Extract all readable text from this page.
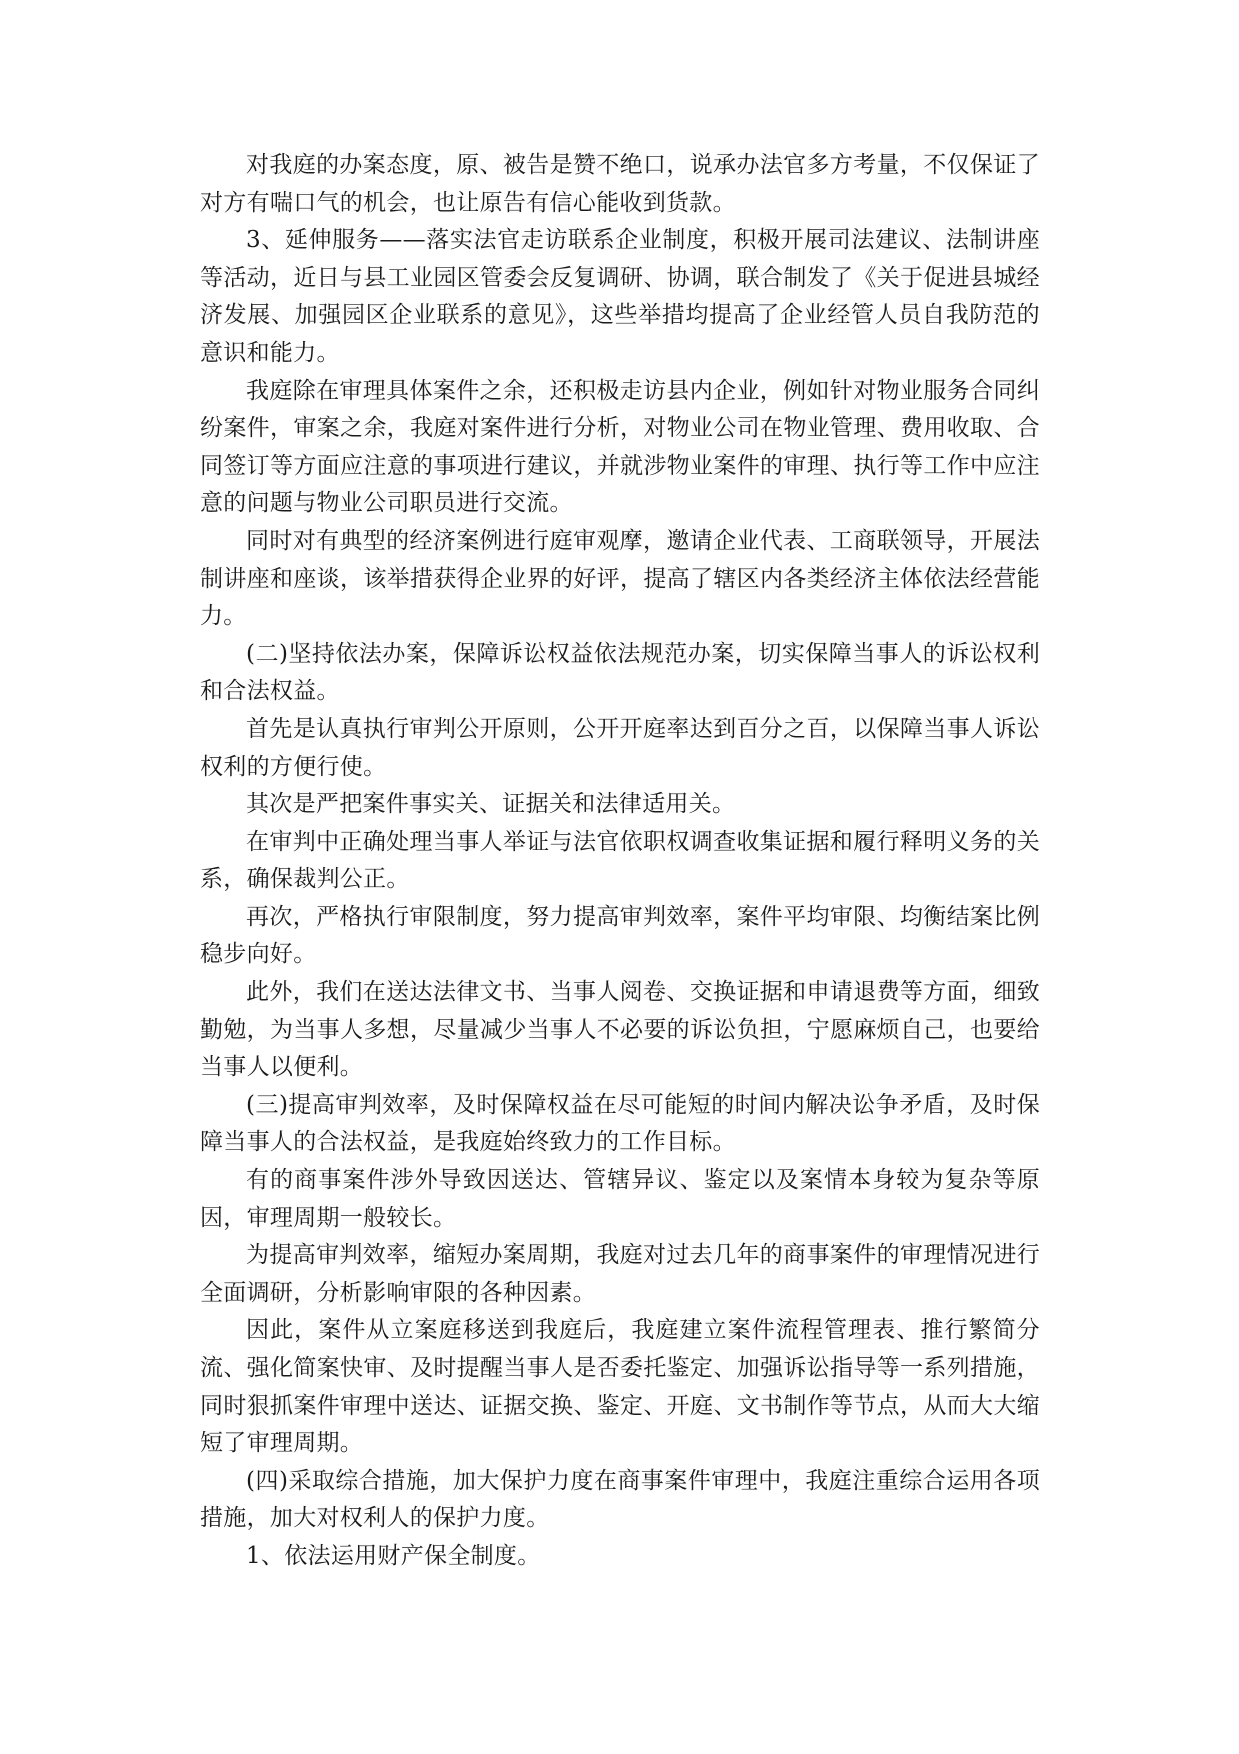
对我庭的办案态度，原、被告是赞不绝口，说承办法官多方考量，不仅保证了对方有喘口气的机会，也让原告有信心能收到货款。

3、延伸服务——落实法官走访联系企业制度，积极开展司法建议、法制讲座等活动，近日与县工业园区管委会反复调研、协调，联合制发了《关于促进县城经济发展、加强园区企业联系的意见》，这些举措均提高了企业经管人员自我防范的意识和能力。

我庭除在审理具体案件之余，还积极走访县内企业，例如针对物业服务合同纠纷案件，审案之余，我庭对案件进行分析，对物业公司在物业管理、费用收取、合同签订等方面应注意的事项进行建议，并就涉物业案件的审理、执行等工作中应注意的问题与物业公司职员进行交流。

同时对有典型的经济案例进行庭审观摩，邀请企业代表、工商联领导，开展法制讲座和座谈，该举措获得企业界的好评，提高了辖区内各类经济主体依法经营能力。

(二)坚持依法办案，保障诉讼权益依法规范办案，切实保障当事人的诉讼权利和合法权益。

首先是认真执行审判公开原则，公开开庭率达到百分之百，以保障当事人诉讼权利的方便行使。

其次是严把案件事实关、证据关和法律适用关。

在审判中正确处理当事人举证与法官依职权调查收集证据和履行释明义务的关系，确保裁判公正。

再次，严格执行审限制度，努力提高审判效率，案件平均审限、均衡结案比例稳步向好。

此外，我们在送达法律文书、当事人阅卷、交换证据和申请退费等方面，细致勤勉，为当事人多想，尽量减少当事人不必要的诉讼负担，宁愿麻烦自己，也要给当事人以便利。

(三)提高审判效率，及时保障权益在尽可能短的时间内解决讼争矛盾，及时保障当事人的合法权益，是我庭始终致力的工作目标。

有的商事案件涉外导致因送达、管辖异议、鉴定以及案情本身较为复杂等原因，审理周期一般较长。

为提高审判效率，缩短办案周期，我庭对过去几年的商事案件的审理情况进行全面调研，分析影响审限的各种因素。

因此，案件从立案庭移送到我庭后，我庭建立案件流程管理表、推行繁简分流、强化简案快审、及时提醒当事人是否委托鉴定、加强诉讼指导等一系列措施，同时狠抓案件审理中送达、证据交换、鉴定、开庭、文书制作等节点，从而大大缩短了审理周期。

(四)采取综合措施，加大保护力度在商事案件审理中，我庭注重综合运用各项措施，加大对权利人的保护力度。

1、依法运用财产保全制度。
